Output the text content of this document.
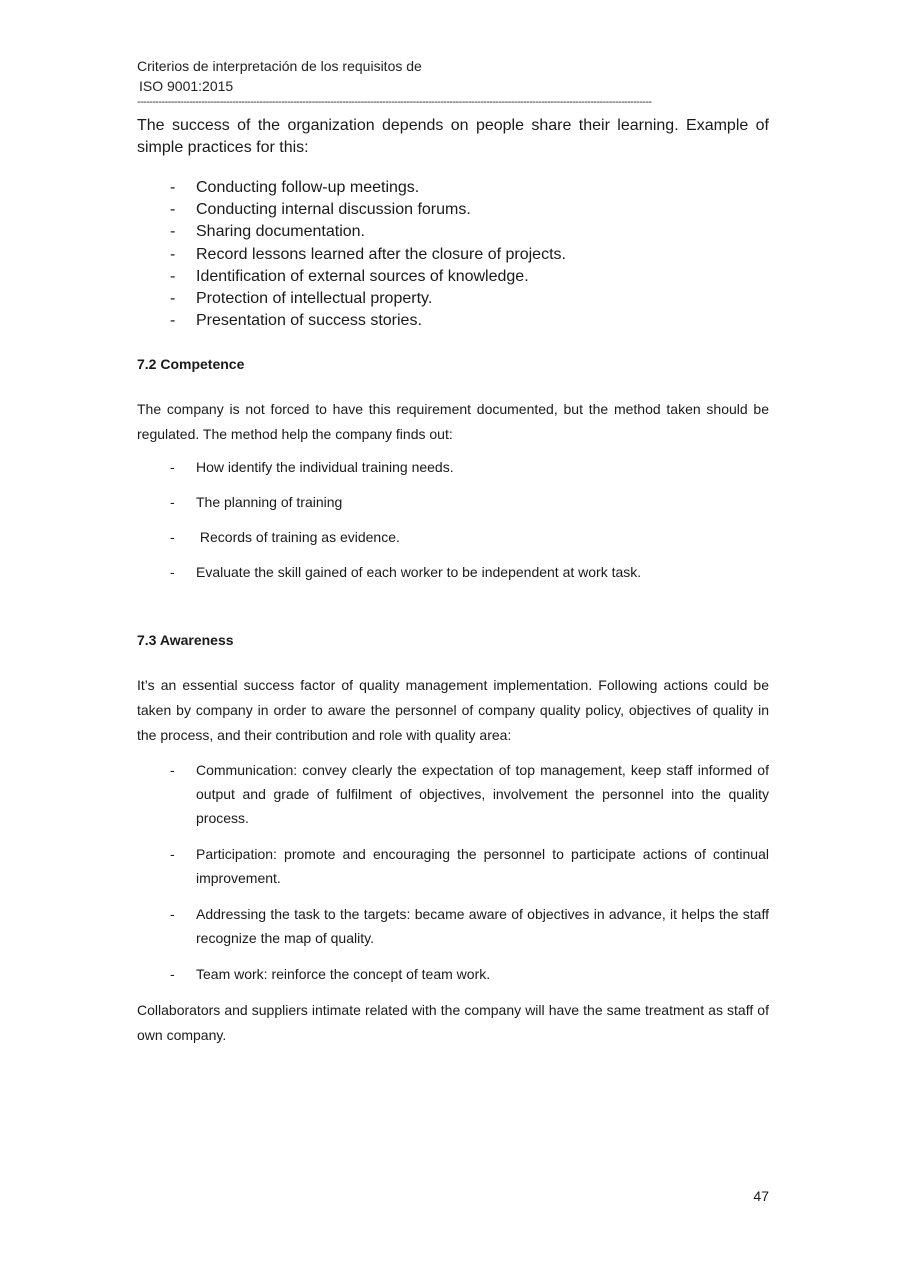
Criterios de interpretación de los requisitos de
ISO 9001:2015
------------------------------------------------------------------------------------------------------------------------------------------------------------------------

The success of the organization depends on people share their learning. Example of simple practices for this:

- Conducting follow-up meetings.
- Conducting internal discussion forums.
- Sharing documentation.
- Record lessons learned after the closure of projects.
- Identification of external sources of knowledge.
- Protection of intellectual property.
- Presentation of success stories.
7.2 Competence

The company is not forced to have this requirement documented, but the method taken should be regulated. The method help the company finds out:

- How identify the individual training needs.
- The planning of training
- Records of training as evidence.
- Evaluate the skill gained of each worker to be independent at work task.
7.3 Awareness

It’s an essential success factor of quality management implementation. Following actions could be taken by company in order to aware the personnel of company quality policy, objectives of quality in the process, and their contribution and role with quality area:

- Communication: convey clearly the expectation of top management, keep staff informed of output and grade of fulfilment of objectives, involvement the personnel into the quality process.
- Participation: promote and encouraging the personnel to participate actions of continual improvement.
- Addressing the task to the targets: became aware of objectives in advance, it helps the staff recognize the map of quality.
- Team work: reinforce the concept of team work.

Collaborators and suppliers intimate related with the company will have the same treatment as staff of own company.

47
